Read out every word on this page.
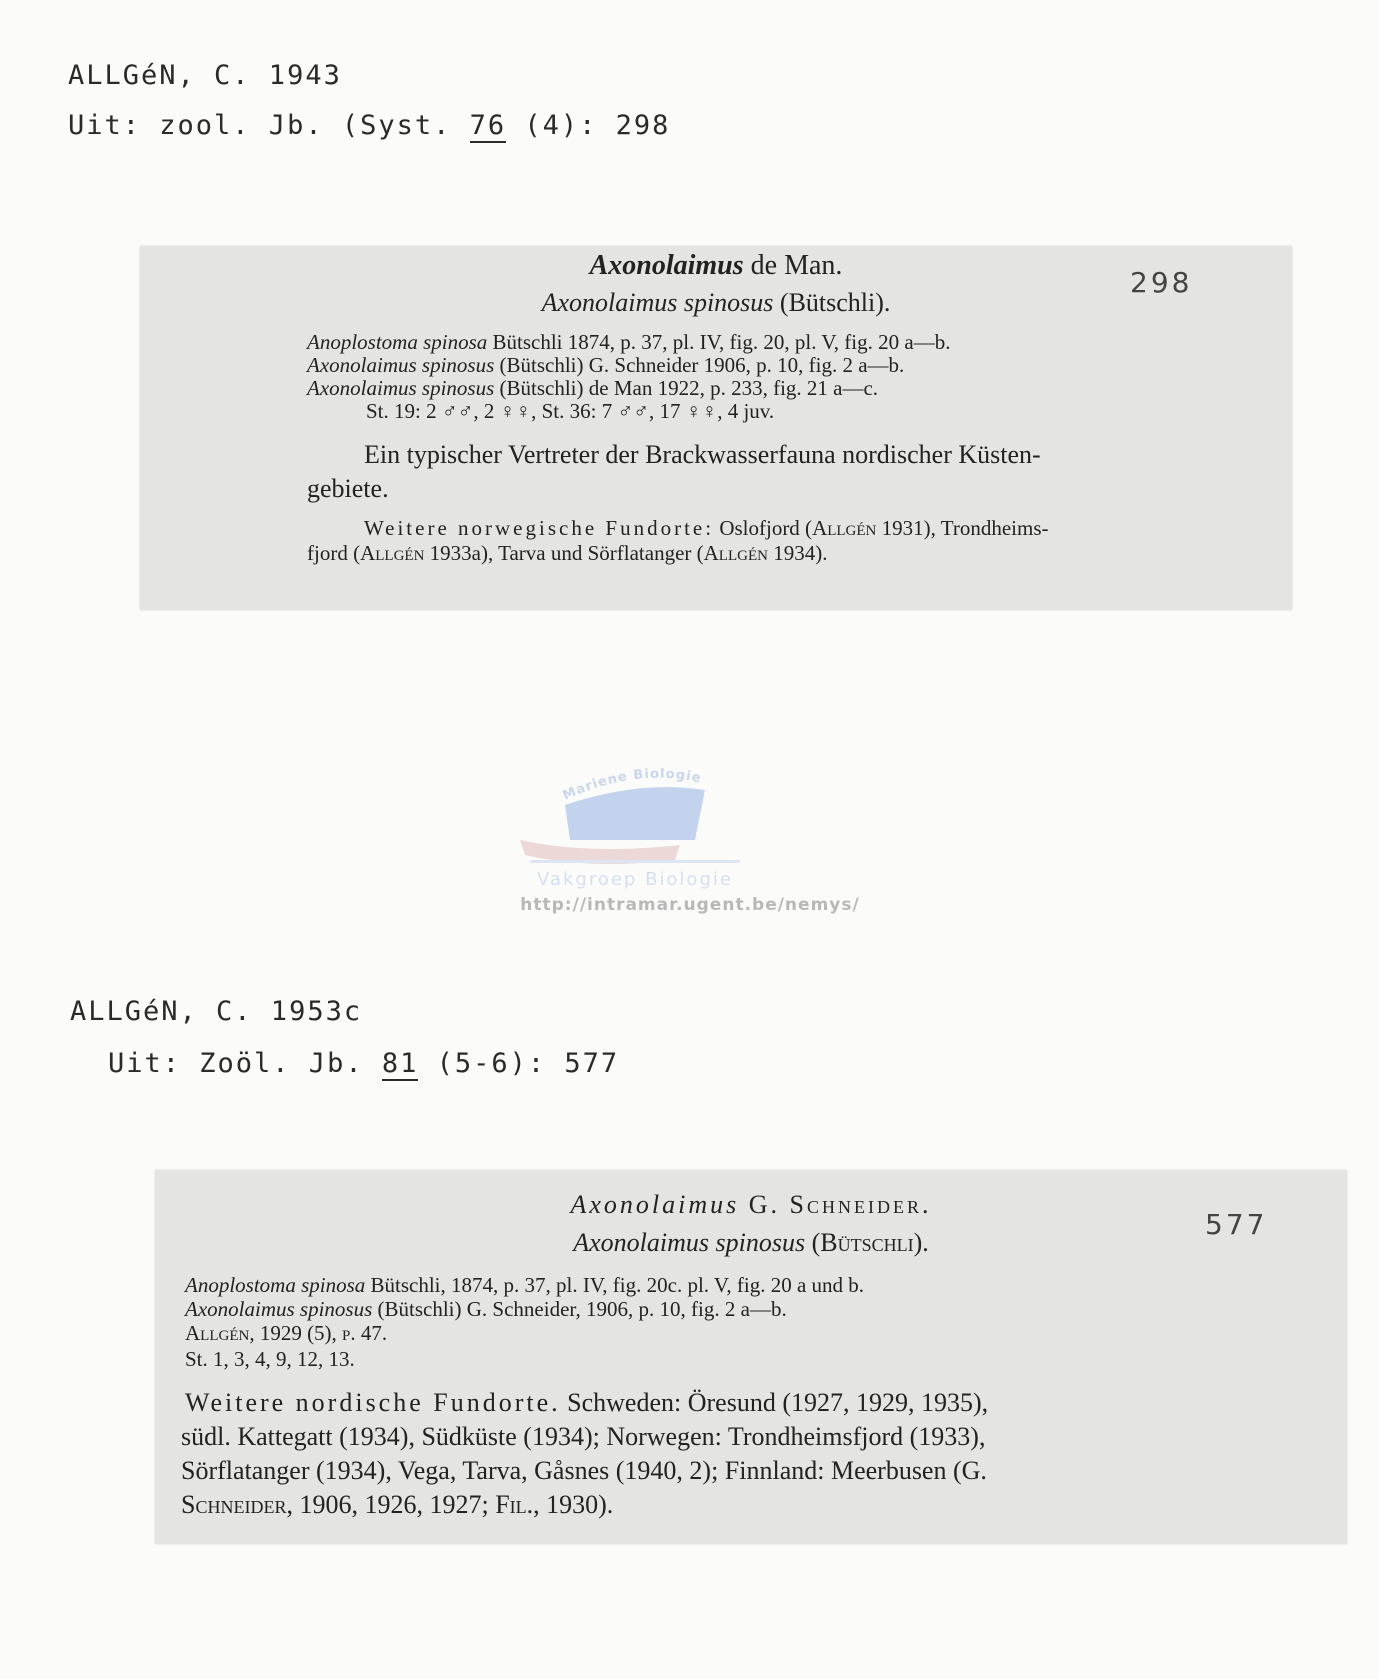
ALLGéN, C. 1943
Uit: zool. Jb. (Syst. 76 (4): 298
Axonolaimus de Man.
298
Axonolaimus spinosus (Bütschli).
Anoplostoma spinosa Bütschli 1874, p. 37, pl. IV, fig. 20, pl. V, fig. 20 a—b.
Axonolaimus spinosus (Bütschli) G. Schneider 1906, p. 10, fig. 2 a—b.
Axonolaimus spinosus (Bütschli) de Man 1922, p. 233, fig. 21 a—c.
St. 19: 2 ♂♂, 2 ♀♀, St. 36: 7 ♂♂, 17 ♀♀, 4 juv.
Ein typischer Vertreter der Brackwasserfauna nordischer Küsten-
gebiete.
Weitere norwegische Fundorte: Oslofjord (Allgén 1931), Trondheims-
fjord (Allgén 1933a), Tarva und Sörflatanger (Allgén 1934).
Mariene Biologie
Vakgroep Biologie
http://intramar.ugent.be/nemys/
ALLGéN, C. 1953c
Uit: Zoöl. Jb. 81 (5-6): 577
Axonolaimus G. Schneider.
577
Axonolaimus spinosus (Bütschli).
Anoplostoma spinosa Bütschli, 1874, p. 37, pl. IV, fig. 20c. pl. V, fig. 20 a und b.
Axonolaimus spinosus (Bütschli) G. Schneider, 1906, p. 10, fig. 2 a—b.
Allgén, 1929 (5), p. 47.
St. 1, 3, 4, 9, 12, 13.
Weitere nordische Fundorte. Schweden: Öresund (1927, 1929, 1935),
südl. Kattegatt (1934), Südküste (1934); Norwegen: Trondheimsfjord (1933),
Sörflatanger (1934), Vega, Tarva, Gåsnes (1940, 2); Finnland: Meerbusen (G.
Schneider, 1906, 1926, 1927; Fil., 1930).
